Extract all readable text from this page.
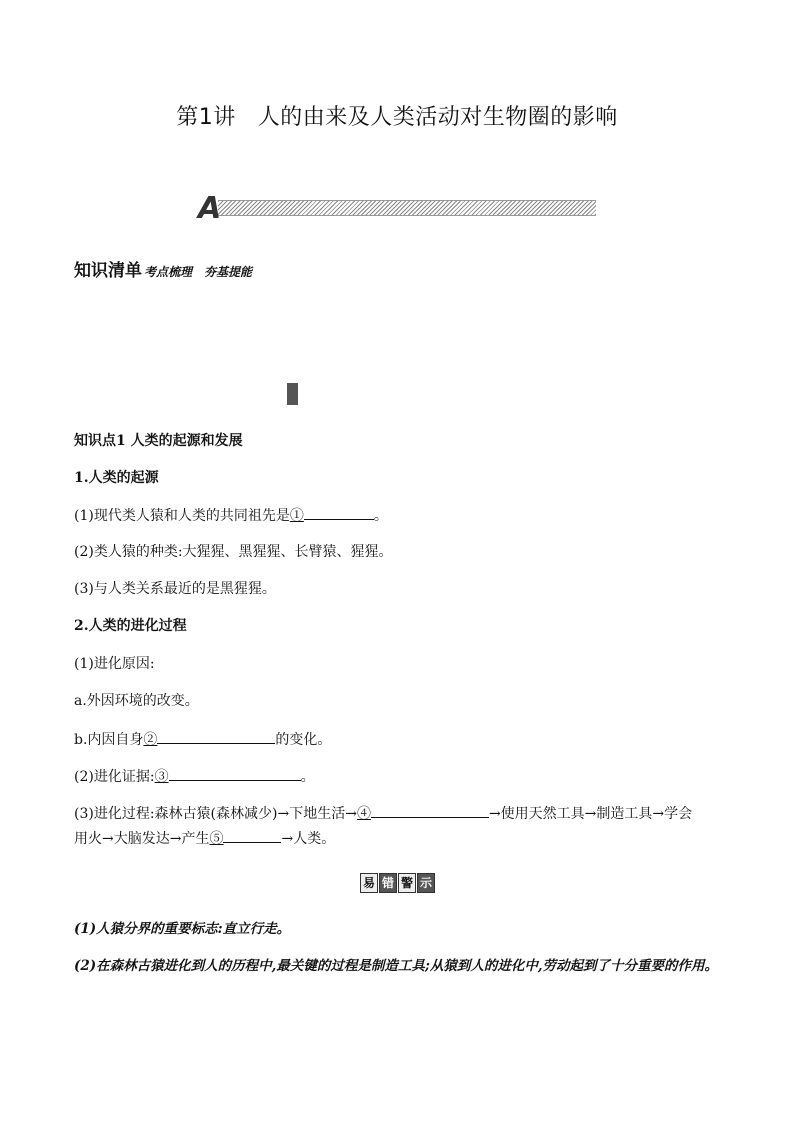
第1讲 人的由来及人类活动对生物圈的影响
A
知识清单 考点梳理　夯基提能
知识点1 人类的起源和发展
1.人类的起源
(1)现代类人猿和人类的共同祖先是①	。
(2)类人猿的种类:大猩猩、黑猩猩、长臂猿、猩猩。
(3)与人类关系最近的是黑猩猩。
2.人类的进化过程
(1)进化原因:
a.外因环境的改变。
b.内因自身②	的变化。
(2)进化证据:③	。
(3)进化过程:森林古猿(森林减少)→下地生活→④	→使用天然工具→制造工具→学会
用火→大脑发达→产生⑤	→人类。
易 错 警 示
(1)人猿分界的重要标志:直立行走。
(2)在森林古猿进化到人的历程中,最关键的过程是制造工具;从猿到人的进化中,劳动起到了十分重要的作用。
